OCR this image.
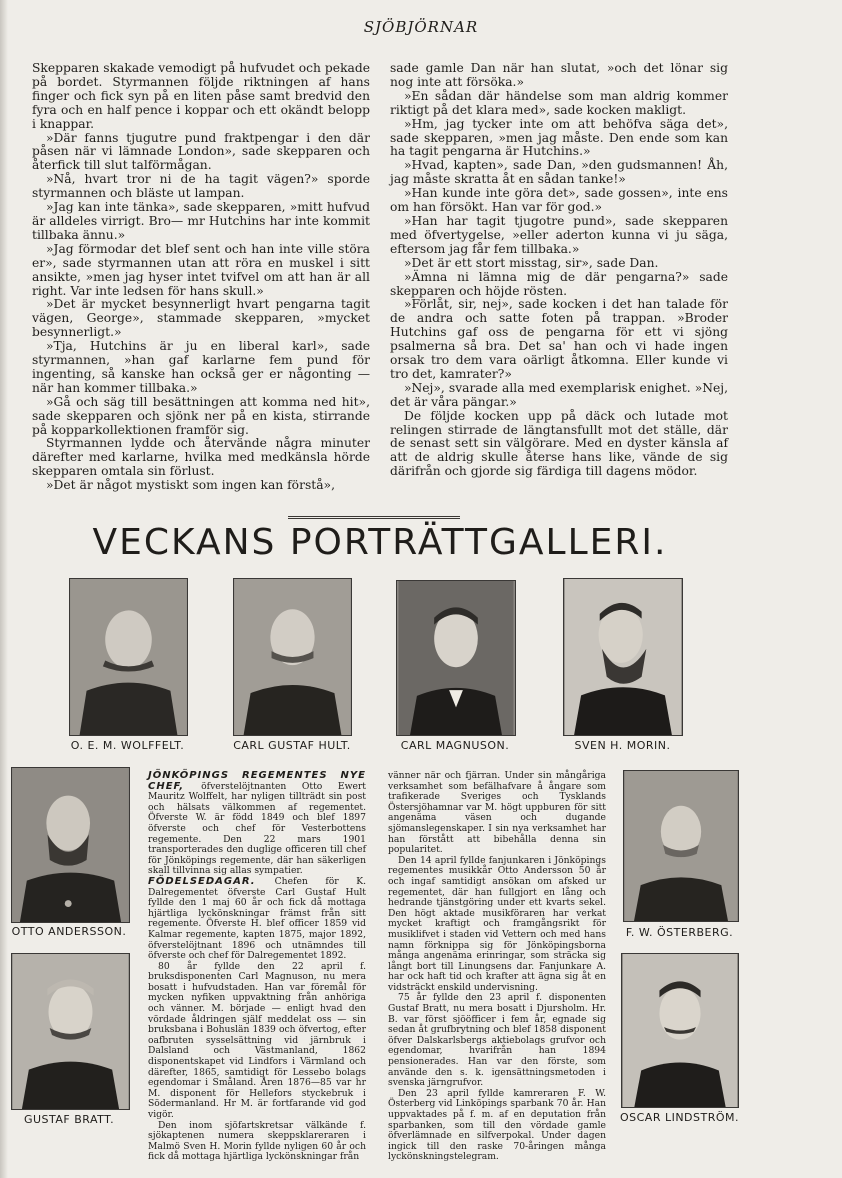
SJÖBJÖRNAR

Skepparen skakade vemodigt på hufvudet och pekade på bordet. Styrmannen följde riktningen af hans finger och fick syn på en liten påse samt bredvid den fyra och en half pence i koppar och ett okändt belopp i knappar.

»Där fanns tjugutre pund fraktpengar i den där påsen när vi lämnade London», sade skepparen och återfick till slut talförmågan.

»Nå, hvart tror ni de ha tagit vägen?» sporde styrmannen och bläste ut lampan.

»Jag kan inte tänka», sade skepparen, »mitt hufvud är alldeles virrigt. Bro— mr Hutchins har inte kommit tillbaka ännu.»

»Jag förmodar det blef sent och han inte ville störa er», sade styrmannen utan att röra en muskel i sitt ansikte, »men jag hyser intet tvifvel om att han är all right. Var inte ledsen för hans skull.»

»Det är mycket besynnerligt hvart pengarna tagit vägen, George», stammade skepparen, »mycket besynnerligt.»

»Tja, Hutchins är ju en liberal karl», sade styrmannen, »han gaf karlarne fem pund för ingenting, så kanske han också ger er någonting — när han kommer tillbaka.»

»Gå och säg till besättningen att komma ned hit», sade skepparen och sjönk ner på en kista, stirrande på kopparkollektionen framför sig.

Styrmannen lydde och återvände några minuter därefter med karlarne, hvilka med medkänsla hörde skepparen omtala sin förlust.

»Det är något mystiskt som ingen kan förstå»,

sade gamle Dan när han slutat, »och det lönar sig nog inte att försöka.»

»En sådan där händelse som man aldrig kommer riktigt på det klara med», sade kocken makligt.

»Hm, jag tycker inte om att behöfva säga det», sade skepparen, »men jag måste. Den ende som kan ha tagit pengarna är Hutchins.»

»Hvad, kapten», sade Dan, »den gudsmannen! Åh, jag måste skratta åt en sådan tanke!»

»Han kunde inte göra det», sade gossen», inte ens om han försökt. Han var för god.»

»Han har tagit tjugotre pund», sade skepparen med öfvertygelse, »eller aderton kunna vi ju säga, eftersom jag får fem tillbaka.»

»Det är ett stort misstag, sir», sade Dan.

»Ämna ni lämna mig de där pengarna?» sade skepparen och höjde rösten.

»Förlåt, sir, nej», sade kocken i det han talade för de andra och satte foten på trappan. »Broder Hutchins gaf oss de pengarna för ett vi sjöng psalmerna så bra. Det sa' han och vi hade ingen orsak tro dem vara oärligt åtkomna. Eller kunde vi tro det, kamrater?»

»Nej», svarade alla med exemplarisk enighet. »Nej, det är våra pängar.»

De följde kocken upp på däck och lutade mot relingen stirrade de längtansfullt mot det ställe, där de senast sett sin välgörare. Med en dyster känsla af att de aldrig skulle återse hans like, vände de sig därifrån och gjorde sig färdiga till dagens mödor.

VECKANS PORTRÄTTGALLERI.
O. E. M. WOLFFELT.	CARL GUSTAF HULT.	CARL MAGNUSON.	SVEN H. MORIN.
OTTO ANDERSSON.
GUSTAF BRATT.
F. W. ÖSTERBERG.
OSCAR LINDSTRÖM.

JÖNKÖPINGS REGEMENTES NYE CHEF, öfverstelöjtnanten Otto Ewert Mauritz Wolffelt, har nyligen tillträdt sin post och hälsats välkommen af regementet. Öfverste W. är född 1849 och blef 1897 öfverste och chef för Vesterbottens regemente. Den 22 mars 1901 transporterades den duglige officeren till chef för Jönköpings regemente, där han säkerligen skall tillvinna sig allas sympatier.

FÖDELSEDAGAR. Chefen för K. Dalregementet öfverste Carl Gustaf Hult fyllde den 1 maj 60 år och fick då mottaga hjärtliga lyckönskningar främst från sitt regemente. Öfverste H. blef officer 1859 vid Kalmar regemente, kapten 1875, major 1892, öfverstelöjtnant 1896 och utnämndes till öfverste och chef för Dalregementet 1892.

80 år fyllde den 22 april f. bruksdisponenten Carl Magnuson, nu mera bosatt i hufvudstaden. Han var föremål för mycken nyfiken uppvaktning från anhöriga och vänner. M. började — enligt hvad den vördade åldringen själf meddelat oss — sin bruksbana i Bohuslän 1839 och öfvertog, efter oafbruten sysselsättning vid järnbruk i Dalsland och Västmanland, 1862 disponentskapet vid Lindfors i Värmland och därefter, 1865, samtidigt för Lessebo bolags egendomar i Småland. Åren 1876—85 var hr M. disponent för Hellefors styckebruk i Södermanland. Hr M. är fortfarande vid god vigör.

Den inom sjöfartskretsar välkände f. sjökaptenen numera skeppsklareraren i Malmö Sven H. Morin fyllde nyligen 60 år och fick då mottaga hjärtliga lyckönskningar från

vänner när och fjärran. Under sin mångåriga verksamhet som befälhafvare å ångare som trafikerade Sveriges och Tysklands Östersjöhamnar var M. högt uppburen för sitt angenäma väsen och dugande sjömanslegenskaper. I sin nya verksamhet har han förstått att bibehålla denna sin popularitet.

Den 14 april fyllde fanjunkaren i Jönköpings regementes musikkår Otto Andersson 50 år och ingaf samtidigt ansökan om afsked ur regementet, där han fullgjort en lång och hedrande tjänstgöring under ett kvarts sekel. Den högt aktade musikföraren har verkat mycket kraftigt och framgångsrikt för musiklifvet i staden vid Vettern och med hans namn förknippa sig för Jönköpingsborna många angenäma erinringar, som sträcka sig långt bort till Linungsens dar. Fanjunkare A. har ock haft tid och krafter att ägna sig åt en vidsträckt enskild undervisning.

75 år fyllde den 23 april f. disponenten Gustaf Bratt, nu mera bosatt i Djursholm. Hr. B. var först sjööfficer i fem år, egnade sig sedan åt grufbrytning och blef 1858 disponent öfver Dalskarlsbergs aktiebolags grufvor och egendomar, hvarifrån han 1894 pensionerades. Han var den förste, som använde den s. k. igensättningsmetoden i svenska järngrufvor.

Den 23 april fyllde kamreraren F. W. Österberg vid Linköpings sparbank 70 år. Han uppvaktades på f. m. af en deputation från sparbanken, som till den vördade gamle öfverlämnade en silfverpokal. Under dagen ingick till den raske 70-åringen många lyckönskningstelegram.
